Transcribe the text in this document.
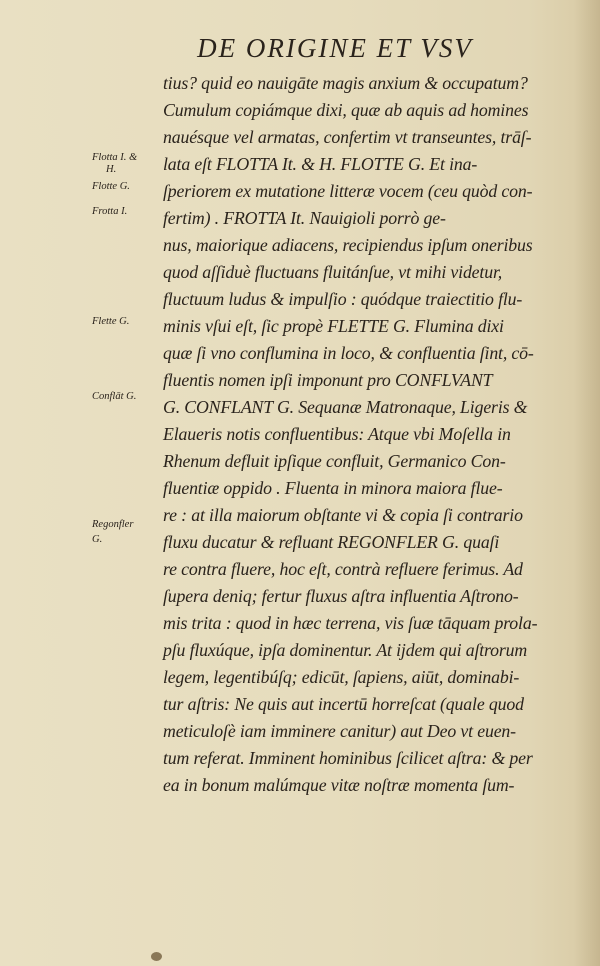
DE ORIGINE ET VSV
tius? quid eo nauigāte magis anxium & occupatum?
Cumulum copiámque dixi, quæ ab aquis ad homines
nauésque vel armatas, confertim vt transeuntes, trāſ-
lata eſt FLOTTA It. & H. FLOTTE G. Et ina-
ſperiorem ex mutatione litteræ vocem (ceu quòd con-
fertim) . FROTTA It. Nauigioli porrò ge-
nus, maiorique adiacens, recipiendus ipſum oneribus
quod aſſiduè fluctuans fluitánſue, vt mihi videtur,
fluctuum ludus & impulſio : quódque traiectitio flu-
minis vſui eſt, ſic propè FLETTE G. Flumina dixi
quæ ſi vno conflumina in loco, & confluentia ſint, cō-
fluentis nomen ipſi imponunt pro CONFLVANT
G. CONFLANT G. Sequanæ Matronaque, Ligeris &
Elaueris notis confluentibus: Atque vbi Moſella in
Rhenum defluit ipſique confluit, Germanico Con-
fluentiæ oppido . Fluenta in minora maiora flue-
re : at illa maiorum obſtante vi & copia ſi contrario
fluxu ducatur & refluant REGONFLER G. quaſi
re contra fluere, hoc eſt, contrà refluere ferimus. Ad
ſupera deniq; fertur fluxus aſtra influentia Aſtrono-
mis trita : quod in hæc terrena, vis ſuæ tāquam prola-
pſu fluxúque, ipſa dominentur. At ijdem qui aſtrorum
legem, legentibúſq; edicūt, ſapiens, aiūt, dominabi-
tur aſtris: Ne quis aut incertū horreſcat (quale quod
meticuloſè iam imminere canitur) aut Deo vt euen-
tum referat. Imminent hominibus ſcilicet aſtra: & per
ea in bonum malúmque vitæ noſtræ momenta ſum-
Flotta I. &
H.
Flotte G.
Frotta I.
Flette G.
Conflāt G.
Regonfler
G.
